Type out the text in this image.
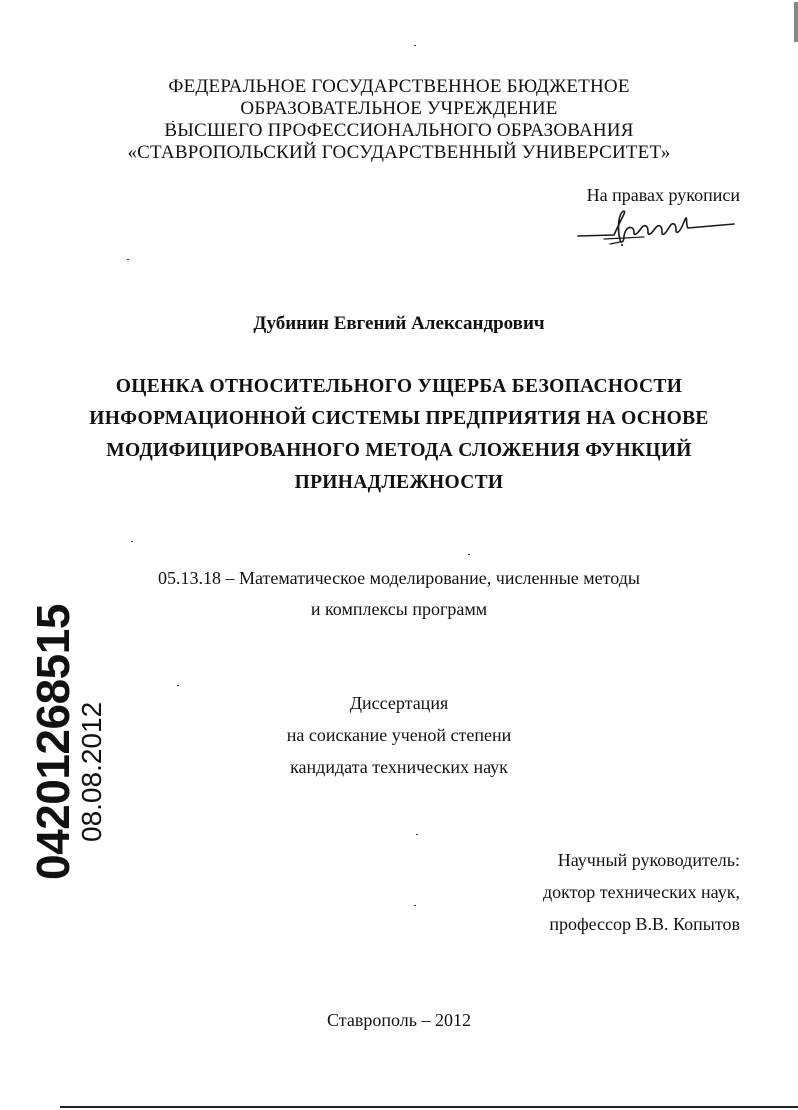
ФЕДЕРАЛЬНОЕ ГОСУДАРСТВЕННОЕ БЮДЖЕТНОЕ
ОБРАЗОВАТЕЛЬНОЕ УЧРЕЖДЕНИЕ
ВЫСШЕГО ПРОФЕССИОНАЛЬНОГО ОБРАЗОВАНИЯ
«СТАВРОПОЛЬСКИЙ ГОСУДАРСТВЕННЫЙ УНИВЕРСИТЕТ»
На правах рукописи
Дубинин Евгений Александрович
ОЦЕНКА ОТНОСИТЕЛЬНОГО УЩЕРБА БЕЗОПАСНОСТИ
ИНФОРМАЦИОННОЙ СИСТЕМЫ ПРЕДПРИЯТИЯ НА ОСНОВЕ
МОДИФИЦИРОВАННОГО МЕТОДА СЛОЖЕНИЯ ФУНКЦИЙ
ПРИНАДЛЕЖНОСТИ
05.13.18 – Математическое моделирование, численные методы
и комплексы программ
Диссертация
на соискание ученой степени
кандидата технических наук
04201268515
08.08.2012
Научный руководитель:
доктор технических наук,
профессор В.В. Копытов
Ставрополь – 2012
